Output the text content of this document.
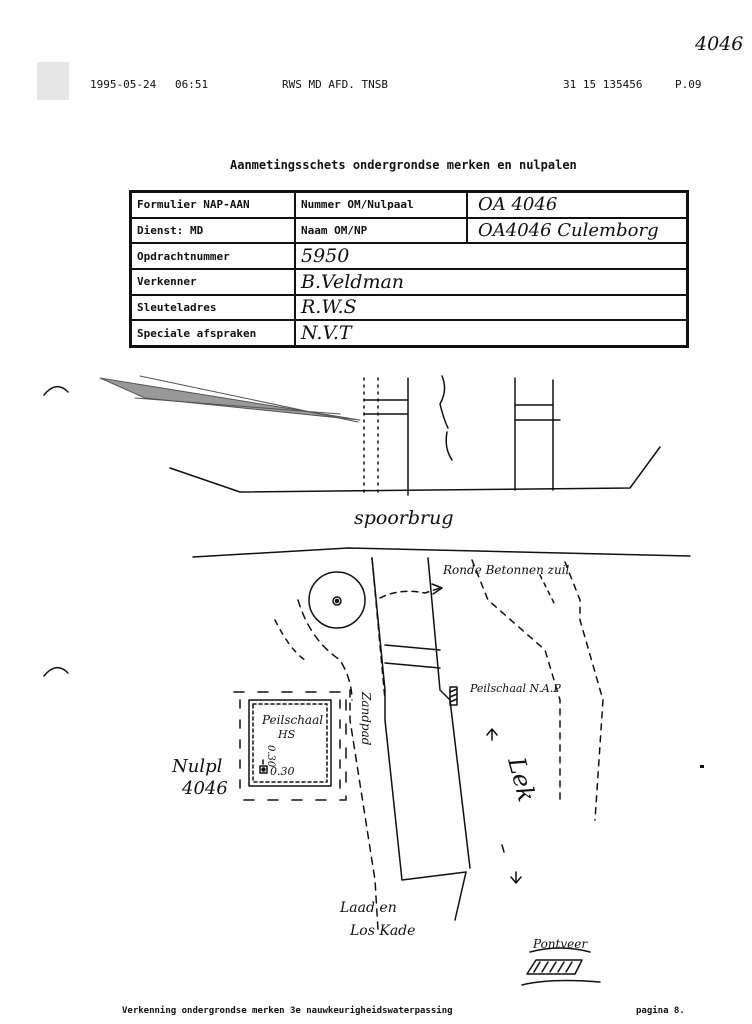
4046
1995-05-24 06:51	RWS MD AFD. TNSB	31 15 135456	P.09
Aanmetingsschets ondergrondse merken en nulpalen
Formulier NAP-AAN	Nummer OM/Nulpaal	OA 4046
Dienst: MD	Naam OM/NP	OA4046 Culemborg
Opdrachtnummer	5950	
Verkenner	B.Veldman	
Sleuteladres	R.W.S	
Speciale afspraken	N.V.T	
spoorbrug
Ronde Betonnen zuil
Peilschaal N.A.P
Peilschaal
HS
0.30
0.30
Zandpad
Lek
Nulpl
4046
Laad en
Los Kade
Pontveer
Verkenning ondergrondse merken 3e nauwkeurigheidswaterpassing	pagina 8.
